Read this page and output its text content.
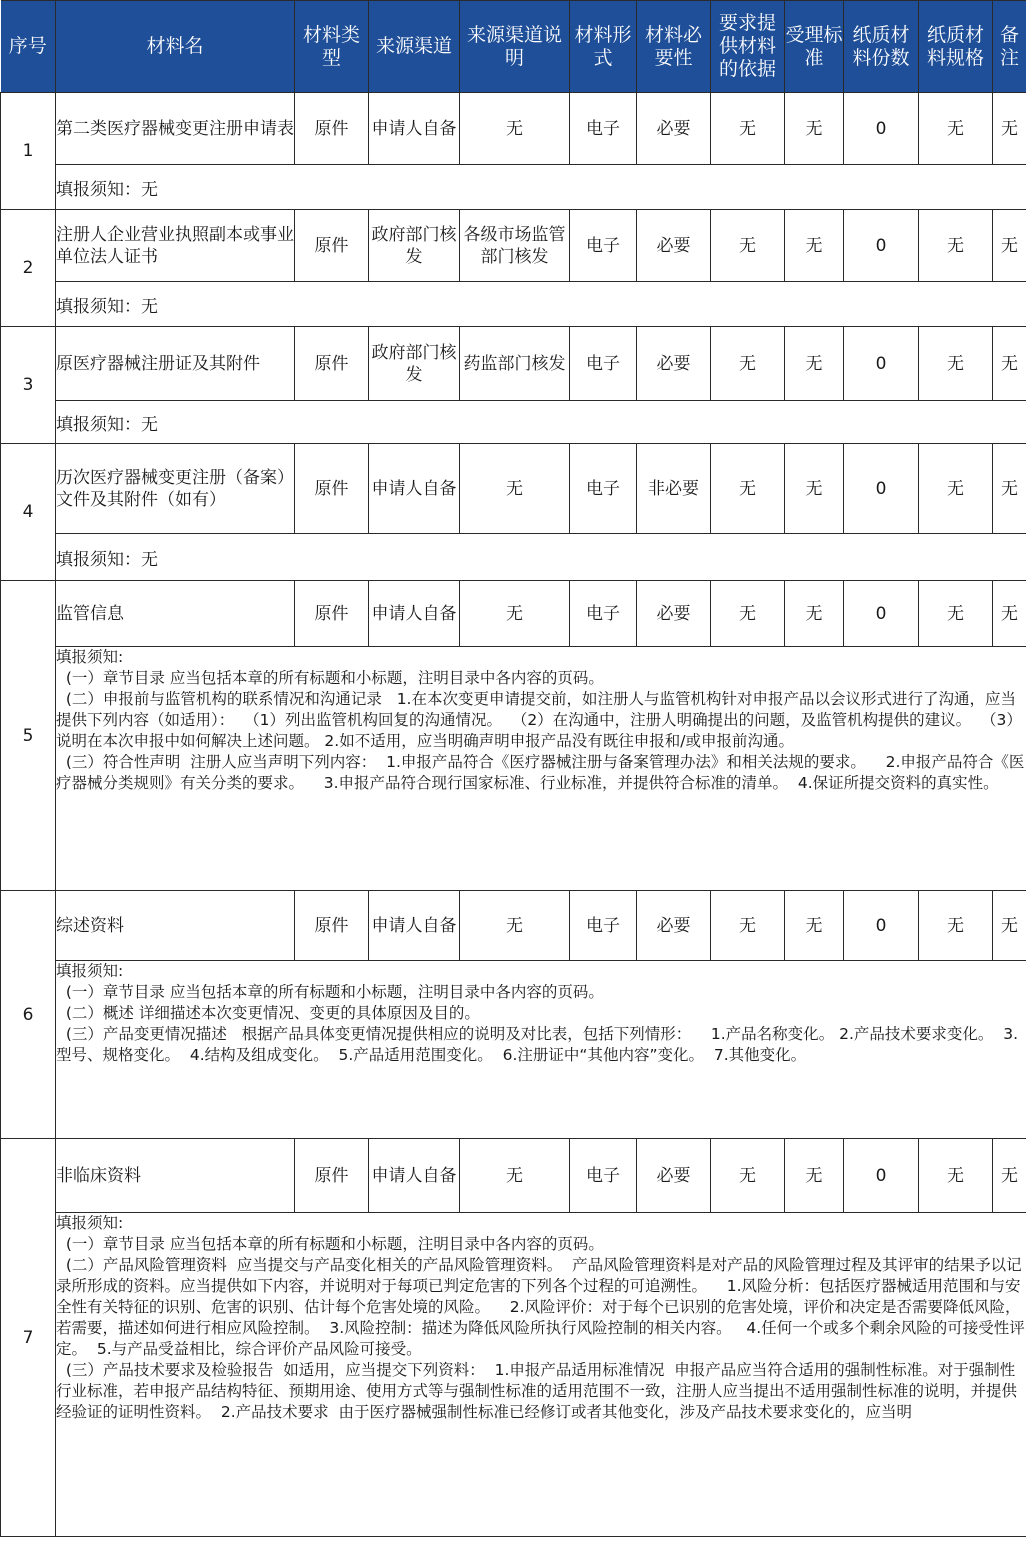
序号	材料名	材料类型	来源渠道	来源渠道说明	材料形式	材料必要性	要求提供材料的依据	受理标准	纸质材料份数	纸质材料规格	备注
1	第二类医疗器械变更注册申请表	原件	申请人自备	无	电子	必要	无	无	0	无	无
	填报须知：无										
2	注册人企业营业执照副本或事业单位法人证书	原件	政府部门核发	各级市场监管部门核发	电子	必要	无	无	0	无	无
	填报须知：无										
3	原医疗器械注册证及其附件	原件	政府部门核发	药监部门核发	电子	必要	无	无	0	无	无
	填报须知：无										
4	历次医疗器械变更注册（备案）文件及其附件（如有）	原件	申请人自备	无	电子	非必要	无	无	0	无	无
	填报须知：无										
5	监管信息	原件	申请人自备	无	电子	必要	无	无	0	无	无
	填报须知:
(一）章节目录 应当包括本章的所有标题和小标题，注明目录中各内容的页码。
(二）申报前与监管机构的联系情况和沟通记录   1.在本次变更申请提交前，如注册人与监管机构针对申报产品以会议形式进行了沟通，应当提供下列内容（如适用）：  （1）列出监管机构回复的沟通情况。  （2）在沟通中，注册人明确提出的问题，及监管机构提供的建议。  （3）说明在本次申报中如何解决上述问题。 2.如不适用，应当明确声明申报产品没有既往申报和/或申报前沟通。
(三）符合性声明  注册人应当声明下列内容：  1.申报产品符合《医疗器械注册与备案管理办法》和相关法规的要求。    2.申报产品符合《医疗器械分类规则》有关分类的要求。    3.申报产品符合现行国家标准、行业标准，并提供符合标准的清单。  4.保证所提交资料的真实性。										
6	综述资料	原件	申请人自备	无	电子	必要	无	无	0	无	无
	填报须知:
(一）章节目录 应当包括本章的所有标题和小标题，注明目录中各内容的页码。
(二）概述 详细描述本次变更情况、变更的具体原因及目的。
(三）产品变更情况描述   根据产品具体变更情况提供相应的说明及对比表，包括下列情形：    1.产品名称变化。 2.产品技术要求变化。  3.型号、规格变化。  4.结构及组成变化。  5.产品适用范围变化。  6.注册证中“其他内容”变化。  7.其他变化。										
7	非临床资料	原件	申请人自备	无	电子	必要	无	无	0	无	无
	填报须知:
(一）章节目录 应当包括本章的所有标题和小标题，注明目录中各内容的页码。
(二）产品风险管理资料  应当提交与产品变化相关的产品风险管理资料。  产品风险管理资料是对产品的风险管理过程及其评审的结果予以记录所形成的资料。应当提供如下内容，并说明对于每项已判定危害的下列各个过程的可追溯性。    1.风险分析：包括医疗器械适用范围和与安全性有关特征的识别、危害的识别、估计每个危害处境的风险。    2.风险评价：对于每个已识别的危害处境，评价和决定是否需要降低风险，若需要，描述如何进行相应风险控制。  3.风险控制：描述为降低风险所执行风险控制的相关内容。   4.任何一个或多个剩余风险的可接受性评定。  5.与产品受益相比，综合评价产品风险可接受。
(三）产品技术要求及检验报告  如适用，应当提交下列资料：  1.申报产品适用标准情况  申报产品应当符合适用的强制性标准。对于强制性行业标准，若申报产品结构特征、预期用途、使用方式等与强制性标准的适用范围不一致，注册人应当提出不适用强制性标准的说明，并提供经验证的证明性资料。  2.产品技术要求  由于医疗器械强制性标准已经修订或者其他变化，涉及产品技术要求变化的，应当明										
